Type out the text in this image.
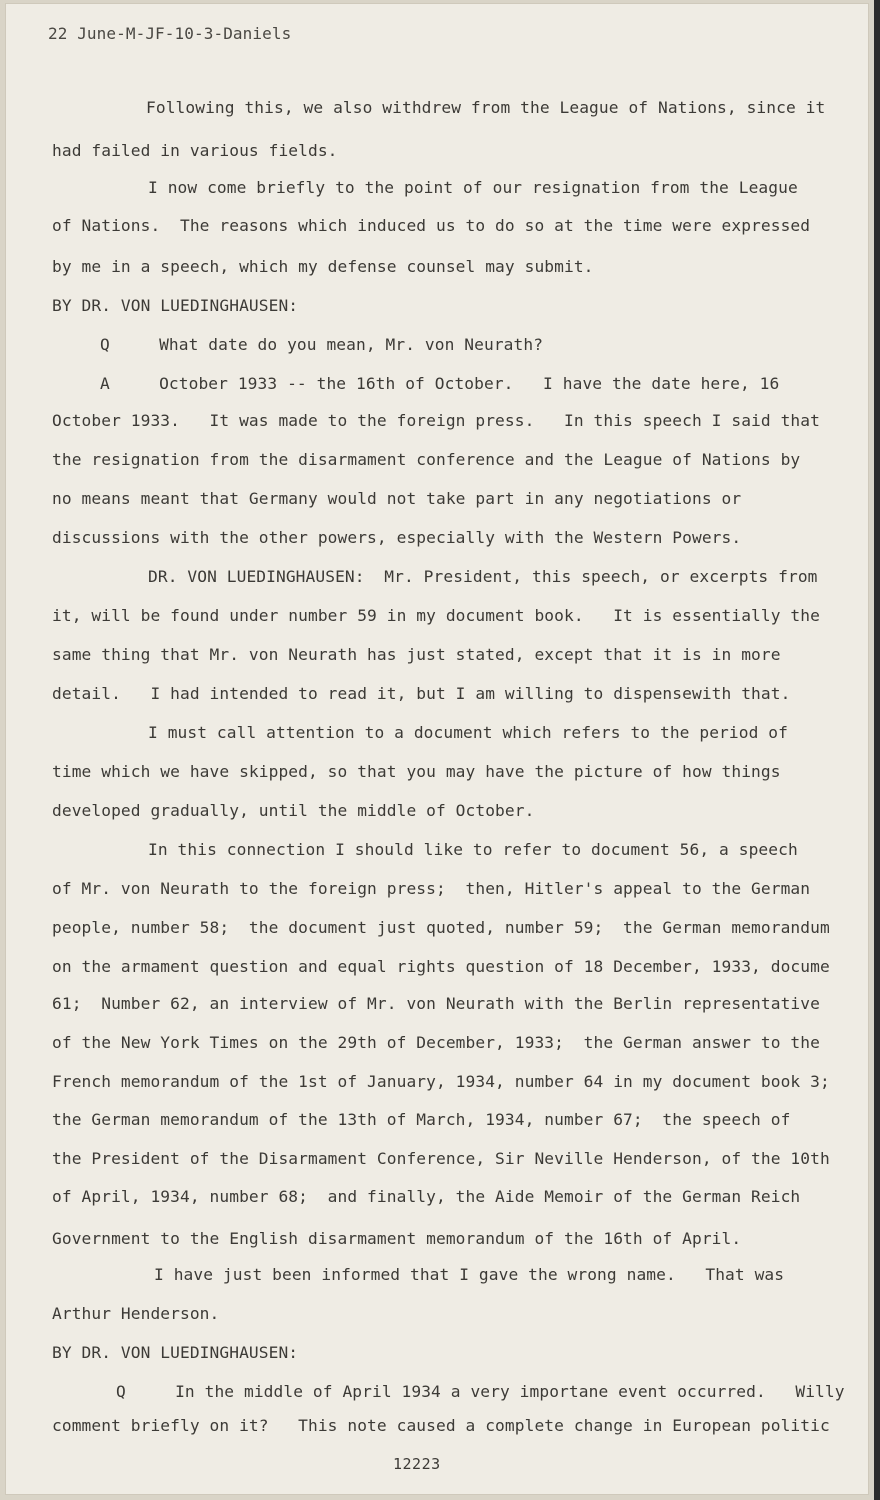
22 June-M-JF-10-3-Daniels
Following this, we also withdrew from the League of Nations, since it
had failed in various fields.
I now come briefly to the point of our resignation from the League
of Nations.  The reasons which induced us to do so at the time were expressed
by me in a speech, which my defense counsel may submit.
BY DR. VON LUEDINGHAUSEN:
Q     What date do you mean, Mr. von Neurath?
A     October 1933 -- the 16th of October.   I have the date here, 16
October 1933.   It was made to the foreign press.   In this speech I said that
the resignation from the disarmament conference and the League of Nations by
no means meant that Germany would not take part in any negotiations or
discussions with the other powers, especially with the Western Powers.
DR. VON LUEDINGHAUSEN:  Mr. President, this speech, or excerpts from
it, will be found under number 59 in my document book.   It is essentially the
same thing that Mr. von Neurath has just stated, except that it is in more
detail.   I had intended to read it, but I am willing to dispensewith that.
I must call attention to a document which refers to the period of
time which we have skipped, so that you may have the picture of how things
developed gradually, until the middle of October.
In this connection I should like to refer to document 56, a speech
of Mr. von Neurath to the foreign press;  then, Hitler's appeal to the German
people, number 58;  the document just quoted, number 59;  the German memorandum
on the armament question and equal rights question of 18 December, 1933, docume
61;  Number 62, an interview of Mr. von Neurath with the Berlin representative
of the New York Times on the 29th of December, 1933;  the German answer to the
French memorandum of the 1st of January, 1934, number 64 in my document book 3;
the German memorandum of the 13th of March, 1934, number 67;  the speech of
the President of the Disarmament Conference, Sir Neville Henderson, of the 10th
of April, 1934, number 68;  and finally, the Aide Memoir of the German Reich
Government to the English disarmament memorandum of the 16th of April.
I have just been informed that I gave the wrong name.   That was
Arthur Henderson.
BY DR. VON LUEDINGHAUSEN:
Q     In the middle of April 1934 a very importane event occurred.   Willy
comment briefly on it?   This note caused a complete change in European politic
12223
